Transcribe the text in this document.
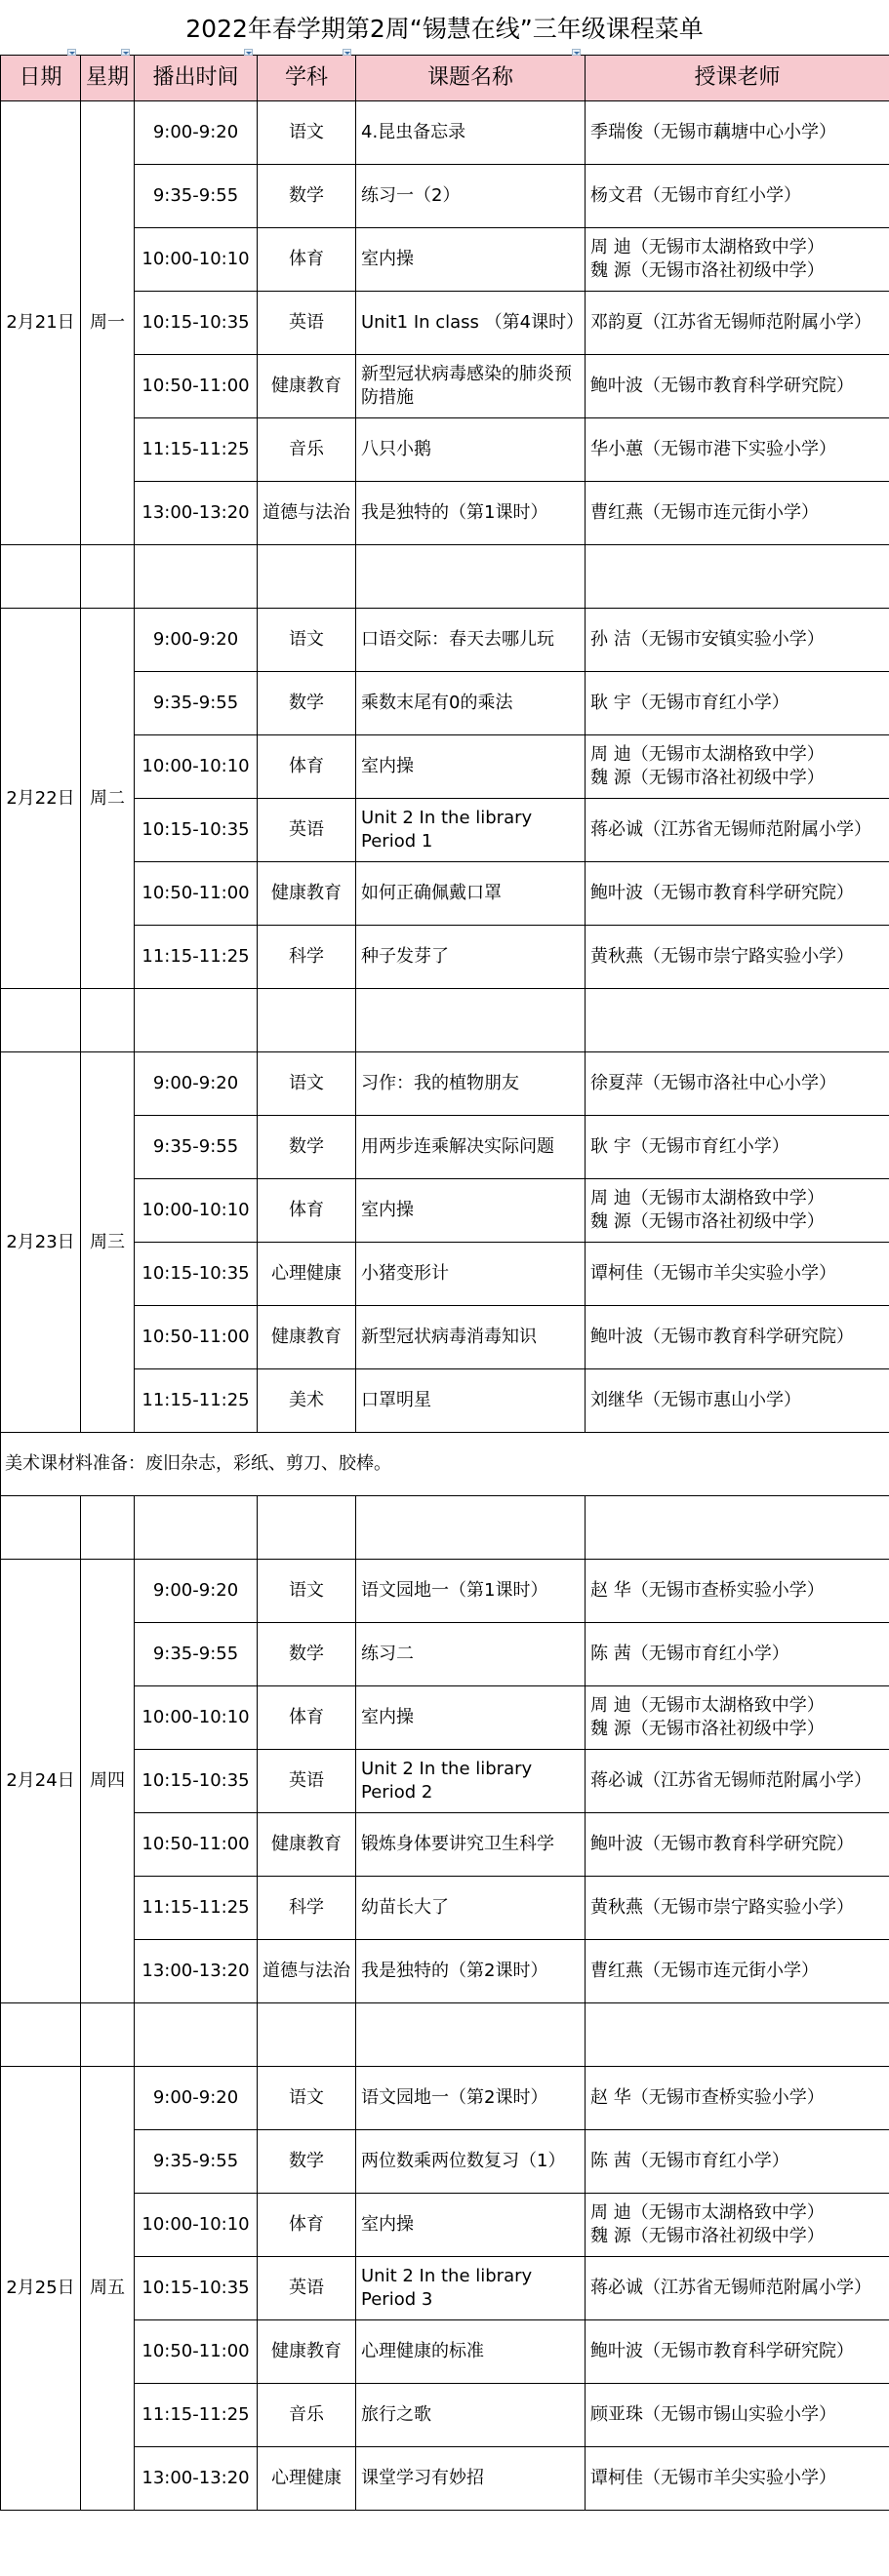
2022年春学期第2周“锡慧在线”三年级课程菜单
日期	星期	播出时间	学科	课题名称	授课老师
2月21日	周一	9:00-9:20	语文	4.昆虫备忘录	季瑞俊（无锡市藕塘中心小学）

		9:35-9:55	数学	练习一（2）	杨文君（无锡市育红小学）

		10:00-10:10	体育	室内操	周 迪（无锡市太湖格致中学）
魏 源（无锡市洛社初级中学）

		10:15-10:35	英语	Unit1 In class （第4课时）	邓韵夏（江苏省无锡师范附属小学）

		10:50-11:00	健康教育	新型冠状病毒感染的肺炎预防措施	鲍叶波（无锡市教育科学研究院）

		11:15-11:25	音乐	八只小鹅	华小蕙（无锡市港下实验小学）

		13:00-13:20	道德与法治	我是独特的（第1课时）	曹红燕（无锡市连元街小学）

2月22日	周二	9:00-9:20	语文	口语交际：春天去哪儿玩	孙 洁（无锡市安镇实验小学）

		9:35-9:55	数学	乘数末尾有0的乘法	耿 宇（无锡市育红小学）

		10:00-10:10	体育	室内操	周 迪（无锡市太湖格致中学）
魏 源（无锡市洛社初级中学）

		10:15-10:35	英语	Unit 2 In the library Period 1	蒋必诚（江苏省无锡师范附属小学）

		10:50-11:00	健康教育	如何正确佩戴口罩	鲍叶波（无锡市教育科学研究院）

		11:15-11:25	科学	种子发芽了	黄秋燕（无锡市崇宁路实验小学）

2月23日	周三	9:00-9:20	语文	习作：我的植物朋友	徐夏萍（无锡市洛社中心小学）

		9:35-9:55	数学	用两步连乘解决实际问题	耿 宇（无锡市育红小学）

		10:00-10:10	体育	室内操	周 迪（无锡市太湖格致中学）
魏 源（无锡市洛社初级中学）

		10:15-10:35	心理健康	小猪变形计	谭柯佳（无锡市羊尖实验小学）

		10:50-11:00	健康教育	新型冠状病毒消毒知识	鲍叶波（无锡市教育科学研究院）

		11:15-11:25	美术	口罩明星	刘继华（无锡市惠山小学）

美术课材料准备：废旧杂志，彩纸、剪刀、胶棒。					

2月24日	周四	9:00-9:20	语文	语文园地一（第1课时）	赵 华（无锡市查桥实验小学）

		9:35-9:55	数学	练习二	陈 茜（无锡市育红小学）

		10:00-10:10	体育	室内操	周 迪（无锡市太湖格致中学）
魏 源（无锡市洛社初级中学）

		10:15-10:35	英语	Unit 2 In the library Period 2	蒋必诚（江苏省无锡师范附属小学）

		10:50-11:00	健康教育	锻炼身体要讲究卫生科学	鲍叶波（无锡市教育科学研究院）

		11:15-11:25	科学	幼苗长大了	黄秋燕（无锡市崇宁路实验小学）

		13:00-13:20	道德与法治	我是独特的（第2课时）	曹红燕（无锡市连元街小学）

2月25日	周五	9:00-9:20	语文	语文园地一（第2课时）	赵 华（无锡市查桥实验小学）

		9:35-9:55	数学	两位数乘两位数复习（1）	陈 茜（无锡市育红小学）

		10:00-10:10	体育	室内操	周 迪（无锡市太湖格致中学）
魏 源（无锡市洛社初级中学）

		10:15-10:35	英语	Unit 2 In the library Period 3	蒋必诚（江苏省无锡师范附属小学）

		10:50-11:00	健康教育	心理健康的标准	鲍叶波（无锡市教育科学研究院）

		11:15-11:25	音乐	旅行之歌	顾亚珠（无锡市锡山实验小学）

		13:00-13:20	心理健康	课堂学习有妙招	谭柯佳（无锡市羊尖实验小学）
